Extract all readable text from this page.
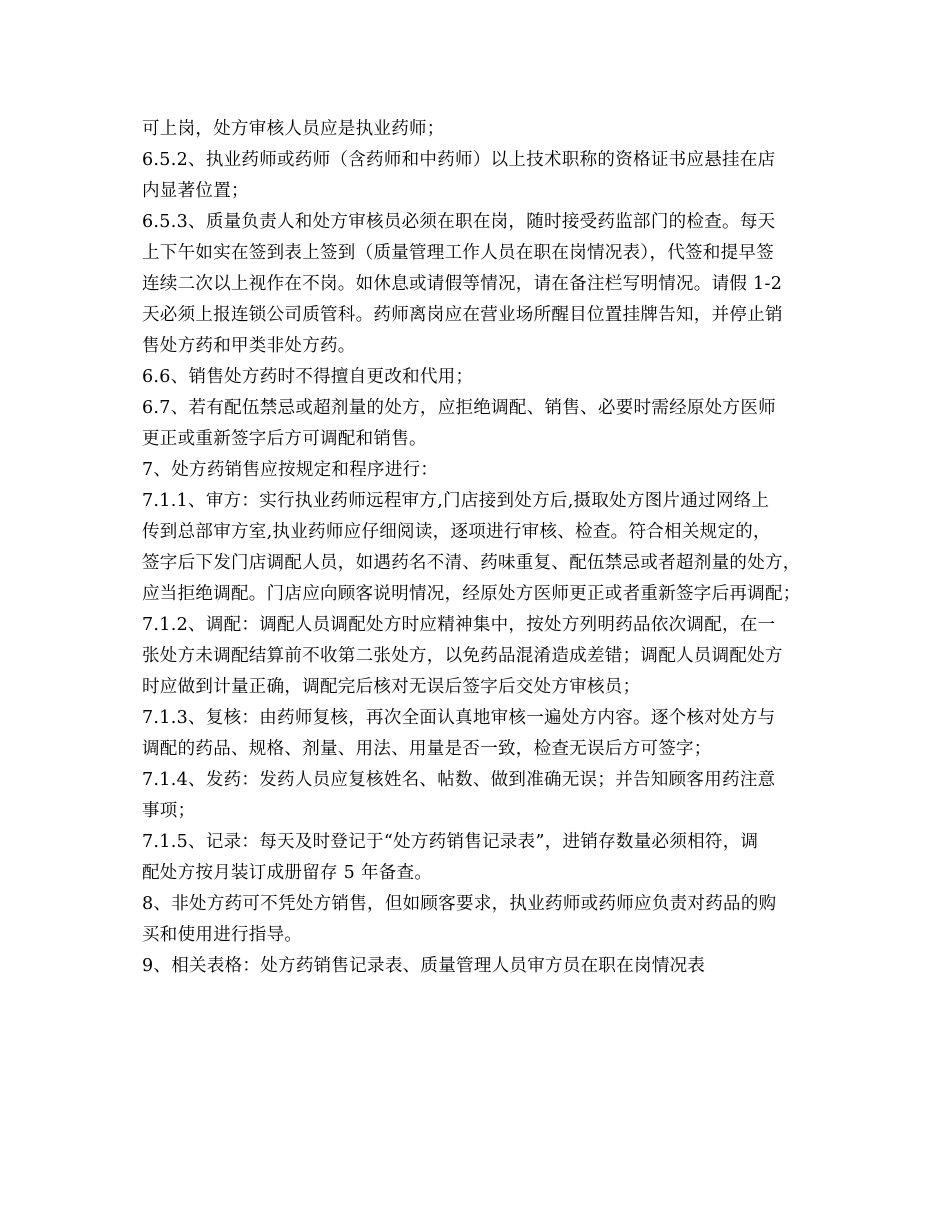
可上岗，处方审核人员应是执业药师；
6.5.2、执业药师或药师（含药师和中药师）以上技术职称的资格证书应悬挂在店
内显著位置；
6.5.3、质量负责人和处方审核员必须在职在岗，随时接受药监部门的检查。每天
上下午如实在签到表上签到（质量管理工作人员在职在岗情况表），代签和提早签
连续二次以上视作在不岗。如休息或请假等情况，请在备注栏写明情况。请假 1-2
天必须上报连锁公司质管科。药师离岗应在营业场所醒目位置挂牌告知，并停止销
售处方药和甲类非处方药。
6.6、销售处方药时不得擅自更改和代用；
6.7、若有配伍禁忌或超剂量的处方，应拒绝调配、销售、必要时需经原处方医师
更正或重新签字后方可调配和销售。
7、处方药销售应按规定和程序进行：
7.1.1、审方：实行执业药师远程审方,门店接到处方后,摄取处方图片通过网络上
传到总部审方室,执业药师应仔细阅读，逐项进行审核、检查。符合相关规定的，
签字后下发门店调配人员，如遇药名不清、药味重复、配伍禁忌或者超剂量的处方，
应当拒绝调配。门店应向顾客说明情况，经原处方医师更正或者重新签字后再调配；
7.1.2、调配：调配人员调配处方时应精神集中，按处方列明药品依次调配，在一
张处方未调配结算前不收第二张处方，以免药品混淆造成差错；调配人员调配处方
时应做到计量正确，调配完后核对无误后签字后交处方审核员；
7.1.3、复核：由药师复核，再次全面认真地审核一遍处方内容。逐个核对处方与
调配的药品、规格、剂量、用法、用量是否一致，检查无误后方可签字；
7.1.4、发药：发药人员应复核姓名、帖数、做到准确无误；并告知顾客用药注意
事项；
7.1.5、记录：每天及时登记于“处方药销售记录表”，进销存数量必须相符，调
配处方按月装订成册留存 5 年备查。
8、非处方药可不凭处方销售，但如顾客要求，执业药师或药师应负责对药品的购
买和使用进行指导。
9、相关表格：处方药销售记录表、质量管理人员审方员在职在岗情况表
